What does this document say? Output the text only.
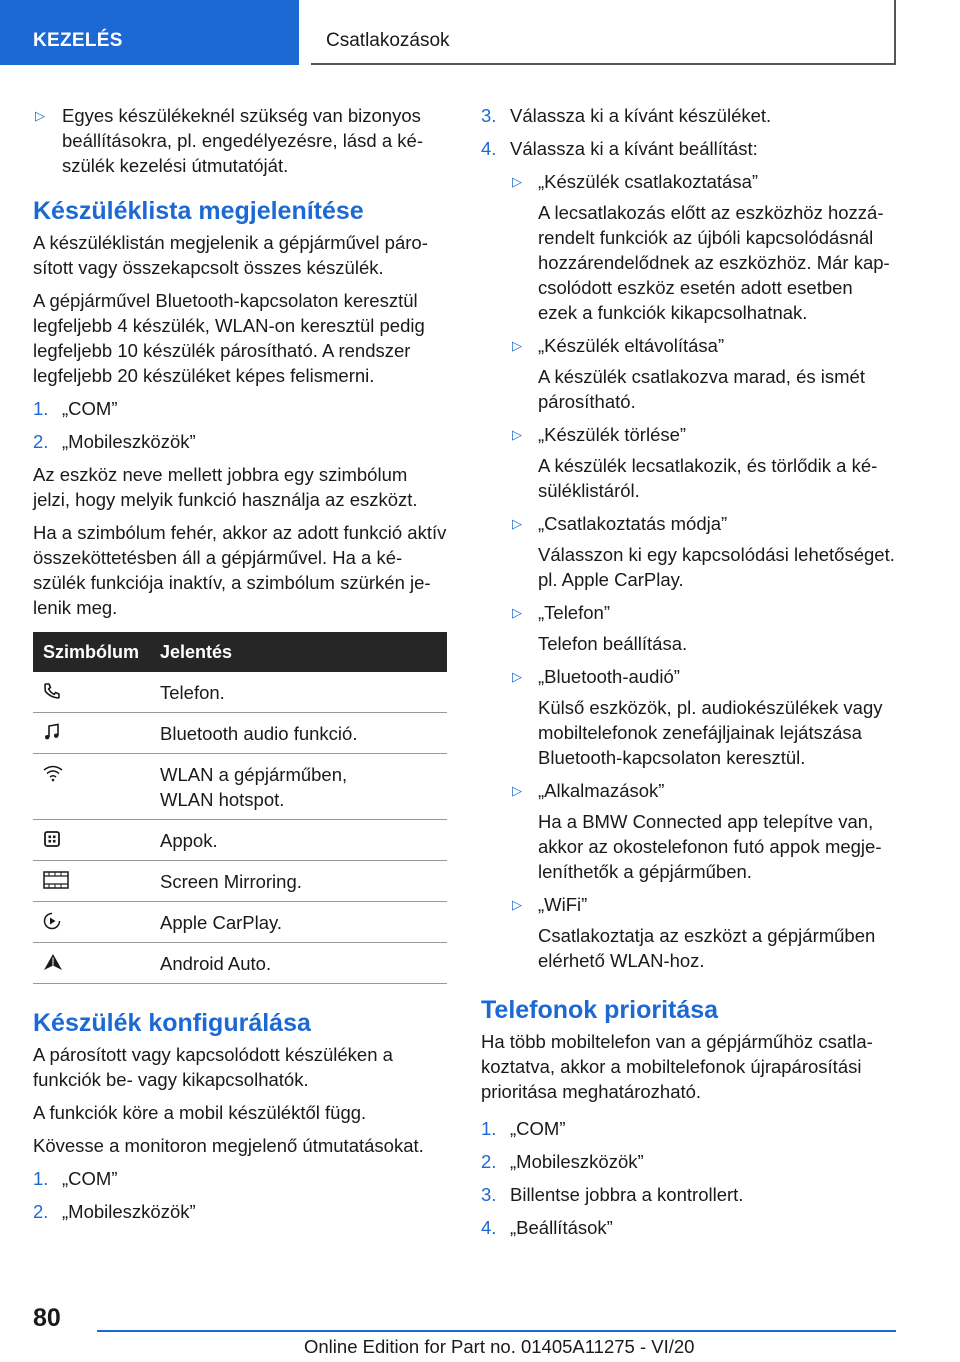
KEZELÉS	Csatlakozások
▷ Egyes készülékeknél szükség van bizonyos beállításokra, pl. engedélyezésre, lásd a készülék kezelési útmutatóját.
Készüléklista megjelenítése

A készüléklistán megjelenik a gépjárművel párosított vagy összekapcsolt összes készülék.

A gépjárművel Bluetooth-kapcsolaton keresztül legfeljebb 4 készülék, WLAN-on keresztül pedig legfeljebb 10 készülék párosítható. A rendszer legfeljebb 20 készüléket képes felismerni.

1. „COM”
2. „Mobileszközök”

Az eszköz neve mellett jobbra egy szimbólum jelzi, hogy melyik funkció használja az eszközt.

Ha a szimbólum fehér, akkor az adott funkció aktív összeköttetésben áll a gépjárművel. Ha a készülék funkciója inaktív, a szimbólum szürkén jelenik meg.

Szimbólum	Jelentés

	Telefon.

	Bluetooth audio funkció.

WLAN a gépjárműben,
WLAN hotspot.

	Appok.

	Screen Mirroring.

	Apple CarPlay.

	Android Auto.
Készülék konfigurálása

A párosított vagy kapcsolódott készüléken a funkciók be- vagy kikapcsolhatók.

A funkciók köre a mobil készüléktől függ.

Kövesse a monitoron megjelenő útmutatásokat.

1. „COM”
2. „Mobileszközök”
3. Válassza ki a kívánt készüléket.
4. Válassza ki a kívánt beállítást:
▷ „Készülék csatlakoztatása”
A lecsatlakozás előtt az eszközhöz hozzárendelt funkciók az újbóli kapcsolódásnál hozzárendelődnek az eszközhöz. Már kapcsolódott eszköz esetén adott esetben ezek a funkciók kikapcsolhatnak.
▷ „Készülék eltávolítása”
A készülék csatlakozva marad, és ismét párosítható.
▷ „Készülék törlése”
A készülék lecsatlakozik, és törlődik a késüléklistáról.
▷ „Csatlakoztatás módja”
Válasszon ki egy kapcsolódási lehetőséget. pl. Apple CarPlay.
▷ „Telefon”
Telefon beállítása.
▷ „Bluetooth-audió”
Külső eszközök, pl. audiokészülékek vagy mobiltelefonok zenefájljainak lejátszása Bluetooth-kapcsolaton keresztül.
▷ „Alkalmazások”
Ha a BMW Connected app telepítve van, akkor az okostelefonon futó appok megjeleníthetők a gépjárműben.
▷ „WiFi”
Csatlakoztatja az eszközt a gépjárműben elérhető WLAN-hoz.
Telefonok prioritása

Ha több mobiltelefon van a gépjárműhöz csatlakoztatva, akkor a mobiltelefonok újrapárosítási prioritása meghatározható.

1. „COM”
2. „Mobileszközök”
3. Billentse jobbra a kontrollert.
4. „Beállítások”
80
Online Edition for Part no. 01405A11275 - VI/20
